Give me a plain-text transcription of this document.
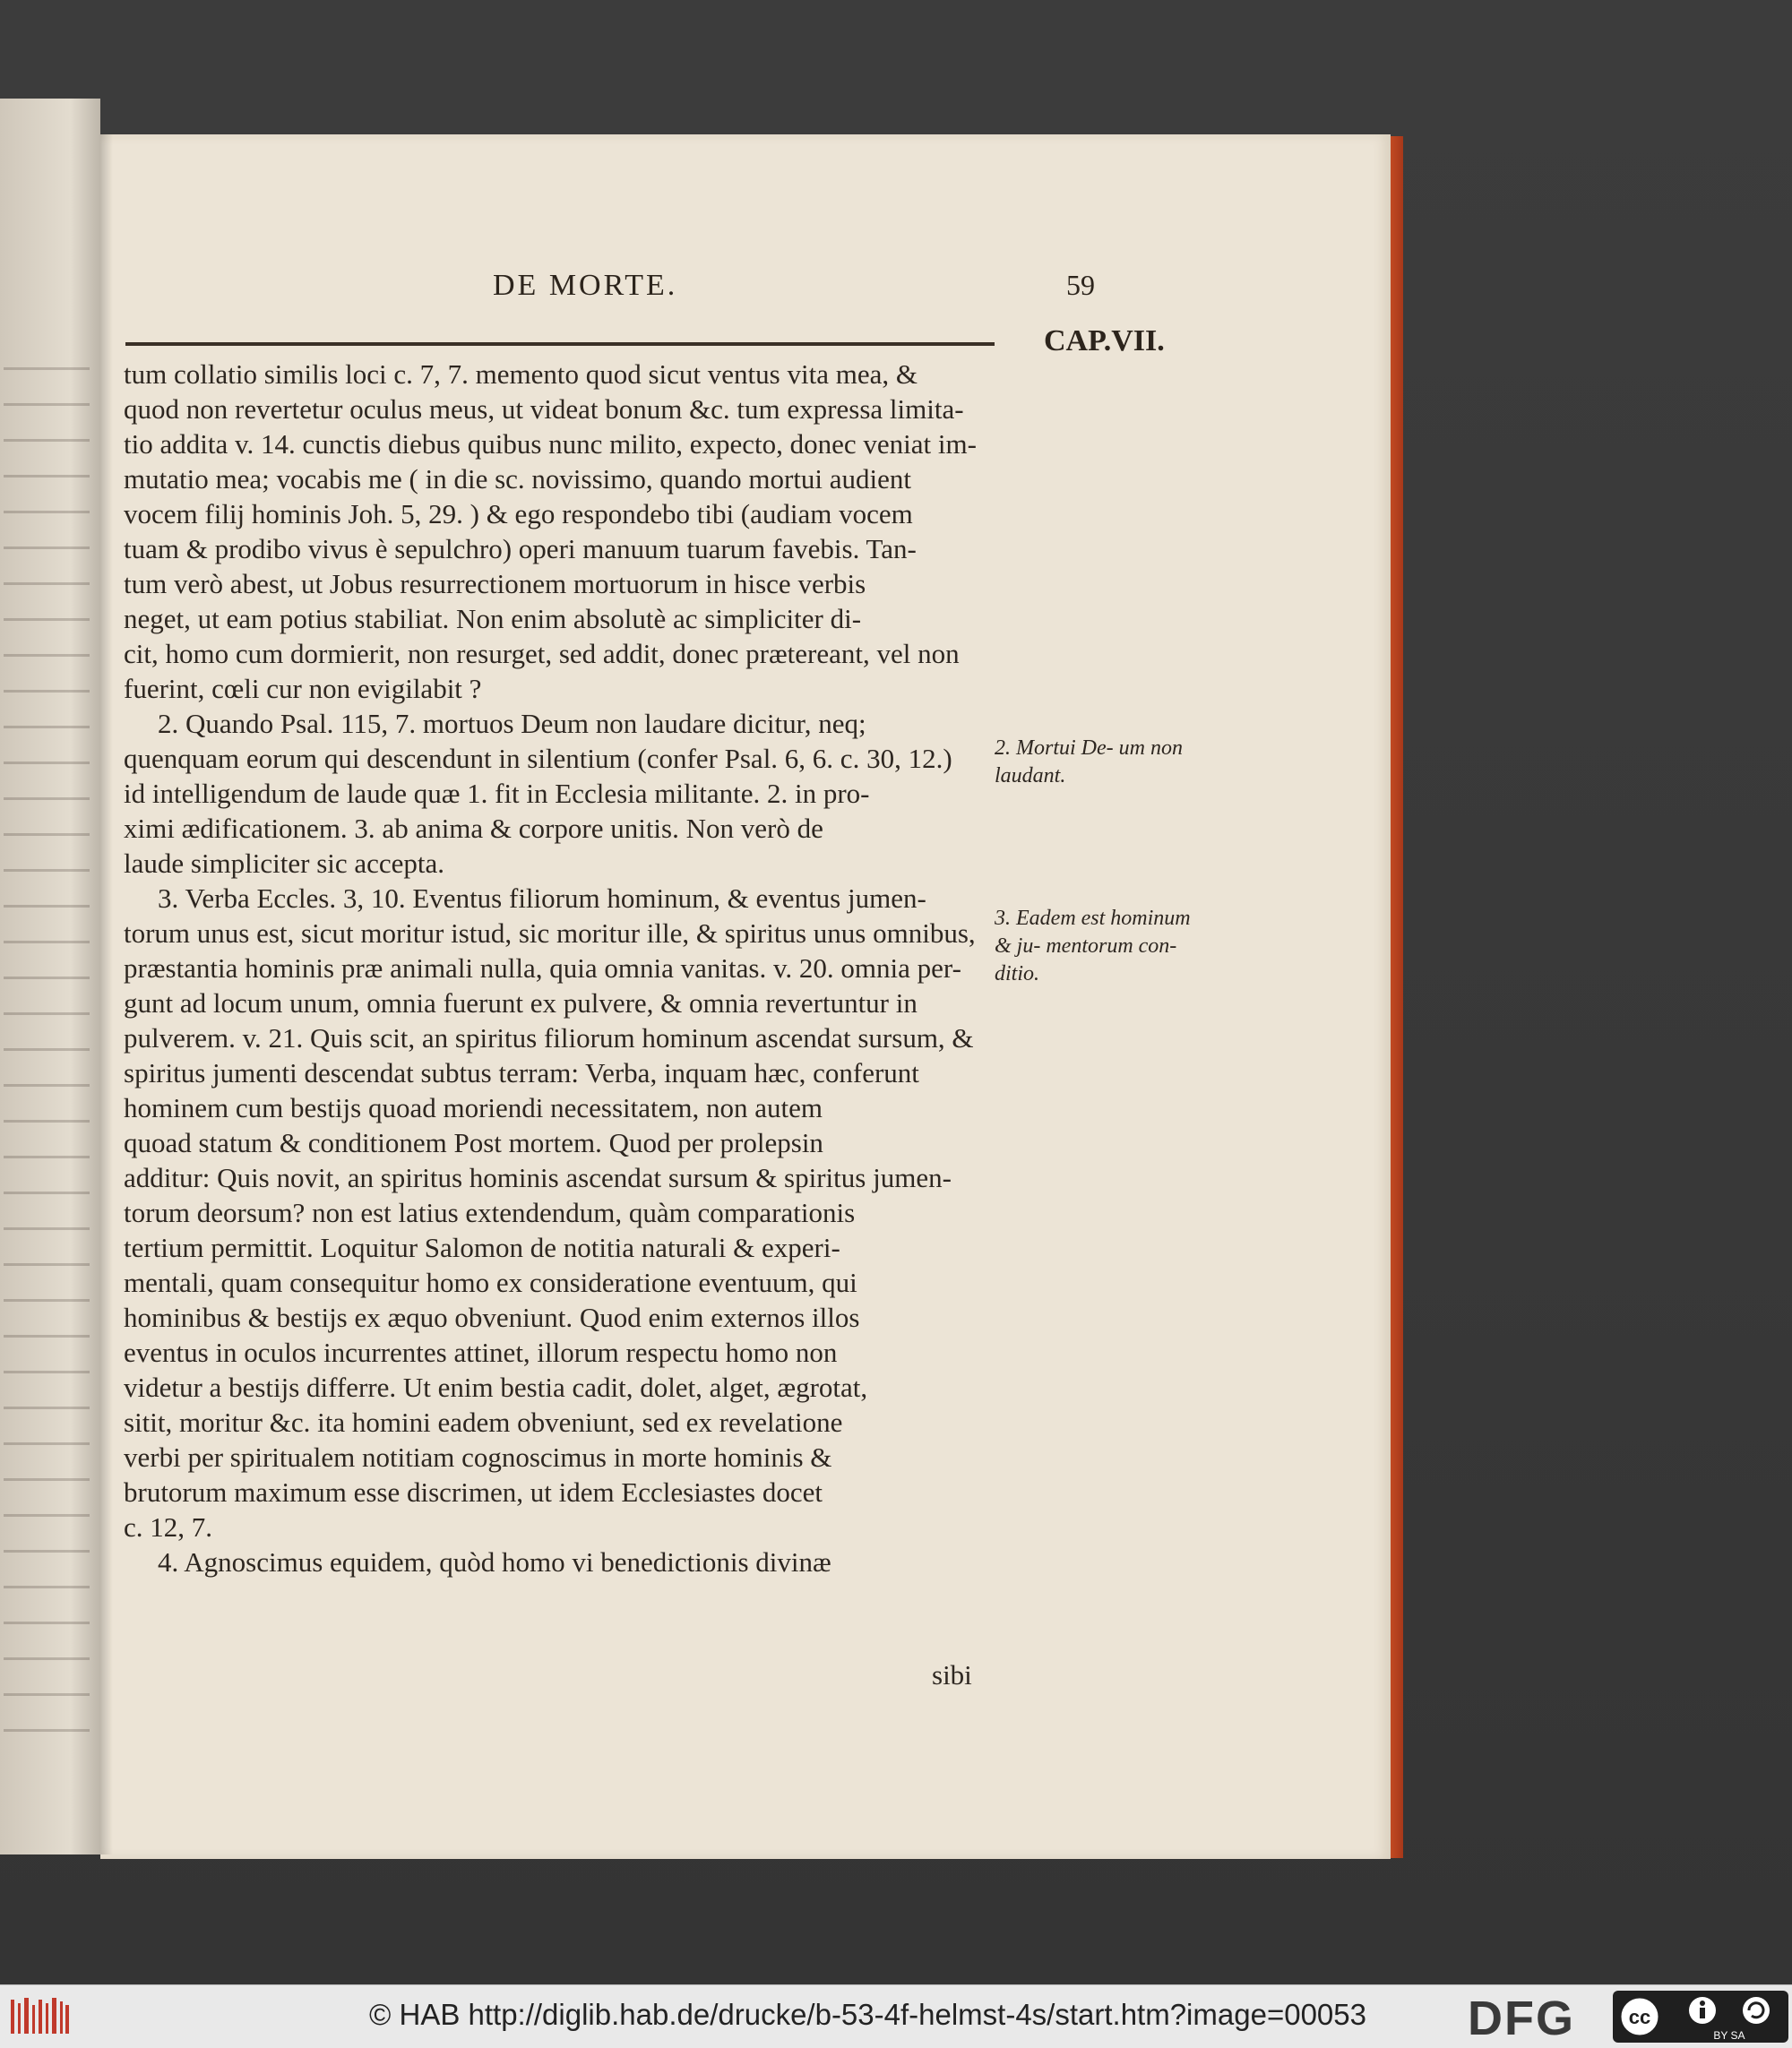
DE MORTE.	59
CAP.VII.
tum collatio similis loci c. 7, 7. memento quod sicut ventus vita mea, &
quod non revertetur oculus meus, ut videat bonum &c. tum expressa limita-
tio addita v. 14. cunctis diebus quibus nunc milito, expecto, donec veniat im-
mutatio mea; vocabis me ( in die sc. novissimo, quando mortui audient
vocem filij hominis Joh. 5, 29. ) & ego respondebo tibi (audiam vocem
tuam & prodibo vivus è sepulchro) operi manuum tuarum favebis. Tan-
tum verò abest, ut Jobus resurrectionem mortuorum in hisce verbis
neget, ut eam potius stabiliat. Non enim absolutè ac simpliciter di-
cit, homo cum dormierit, non resurget, sed addit, donec prætereant, vel non
fuerint, cœli cur non evigilabit ?
2. Quando Psal. 115, 7. mortuos Deum non laudare dicitur, neq;
quenquam eorum qui descendunt in silentium (confer Psal. 6, 6. c. 30, 12.)
id intelligendum de laude quæ 1. fit in Ecclesia militante. 2. in pro-
ximi ædificationem. 3. ab anima & corpore unitis. Non verò de
laude simpliciter sic accepta.
3. Verba Eccles. 3, 10. Eventus filiorum hominum, & eventus jumen-
torum unus est, sicut moritur istud, sic moritur ille, & spiritus unus omnibus,
præstantia hominis præ animali nulla, quia omnia vanitas. v. 20. omnia per-
gunt ad locum unum, omnia fuerunt ex pulvere, & omnia revertuntur in
pulverem. v. 21. Quis scit, an spiritus filiorum hominum ascendat sursum, &
spiritus jumenti descendat subtus terram: Verba, inquam hæc, conferunt
hominem cum bestijs quoad moriendi necessitatem, non autem
quoad statum & conditionem Post mortem. Quod per prolepsin
additur: Quis novit, an spiritus hominis ascendat sursum & spiritus jumen-
torum deorsum? non est latius extendendum, quàm comparationis
tertium permittit. Loquitur Salomon de notitia naturali & experi-
mentali, quam consequitur homo ex consideratione eventuum, qui
hominibus & bestijs ex æquo obveniunt. Quod enim externos illos
eventus in oculos incurrentes attinet, illorum respectu homo non
videtur a bestijs differre. Ut enim bestia cadit, dolet, alget, ægrotat,
sitit, moritur &c. ita homini eadem obveniunt, sed ex revelatione
verbi per spiritualem notitiam cognoscimus in morte hominis &
brutorum maximum esse discrimen, ut idem Ecclesiastes docet
c. 12, 7.
4. Agnoscimus equidem, quòd homo vi benedictionis divinæ
2. Mortui De- um non laudant.
3. Eadem est hominum & ju- mentorum con- ditio.
sibi
© HAB http://diglib.hab.de/drucke/b-53-4f-helmst-4s/start.htm?image=00053 DFG	cc
BY SA
